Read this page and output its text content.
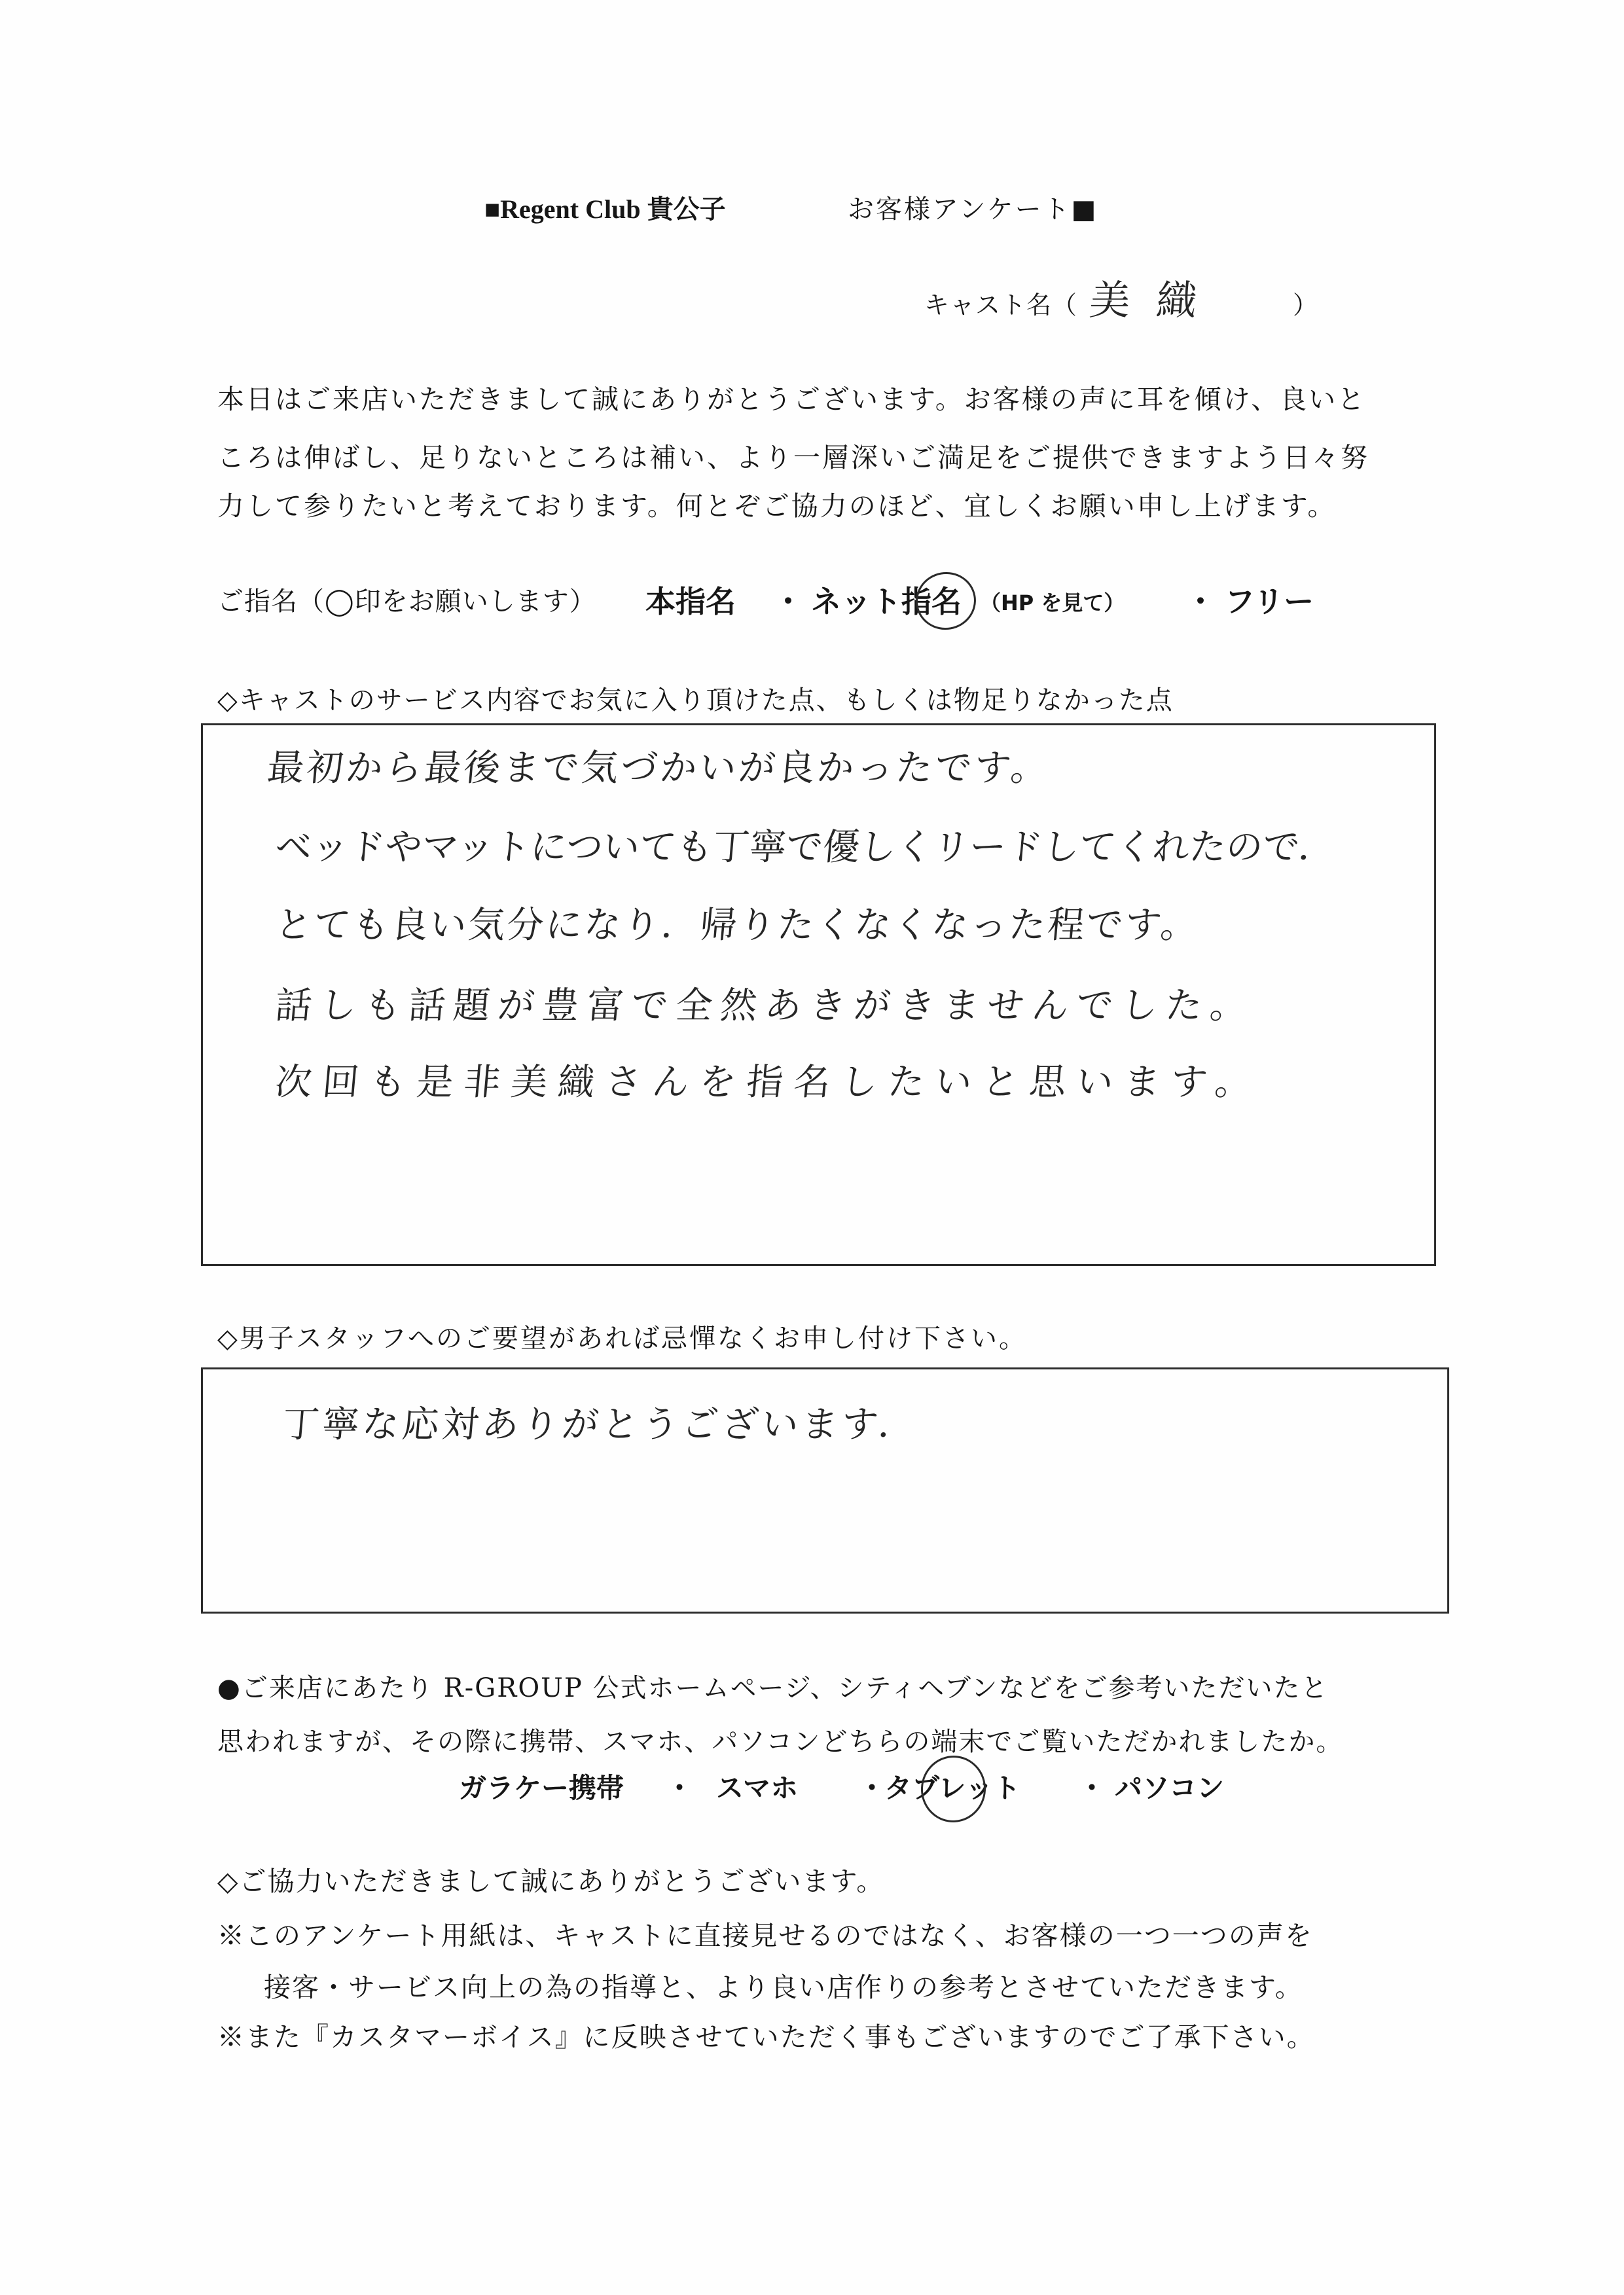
■Regent Club 貴公子	お客様アンケート■
キャスト名（ 美織	）
本日はご来店いただきまして誠にありがとうございます。お客様の声に耳を傾け、良いと
ころは伸ばし、足りないところは補い、より一層深いご満足をご提供できますよう日々努
力して参りたいと考えております。何とぞご協力のほど、宜しくお願い申し上げます。
ご指名（◯印をお願いします） 本指名 ・ ネット指名 （HP を見て） ・ フリー
◇キャストのサービス内容でお気に入り頂けた点、もしくは物足りなかった点
最初から最後まで気づかいが良かったです。
ベッドやマットについても丁寧で優しくリードしてくれたので．
とても良い気分になり．帰りたくなくなった程です。
話しも話題が豊富で全然あきがきませんでした。
次回も是非美織さんを指名したいと思います。
◇男子スタッフへのご要望があれば忌憚なくお申し付け下さい。
丁寧な応対ありがとうございます．
●ご来店にあたり R-GROUP 公式ホームページ、シティヘブンなどをご参考いただいたと
思われますが、その際に携帯、スマホ、パソコンどちらの端末でご覧いただかれましたか。
ガラケー携帯 ・ スマホ ・
タブレット ・ パソコン
◇ご協力いただきまして誠にありがとうございます。
※このアンケート用紙は、キャストに直接見せるのではなく、お客様の一つ一つの声を
接客・サービス向上の為の指導と、より良い店作りの参考とさせていただきます。
※また『カスタマーボイス』に反映させていただく事もございますのでご了承下さい。
